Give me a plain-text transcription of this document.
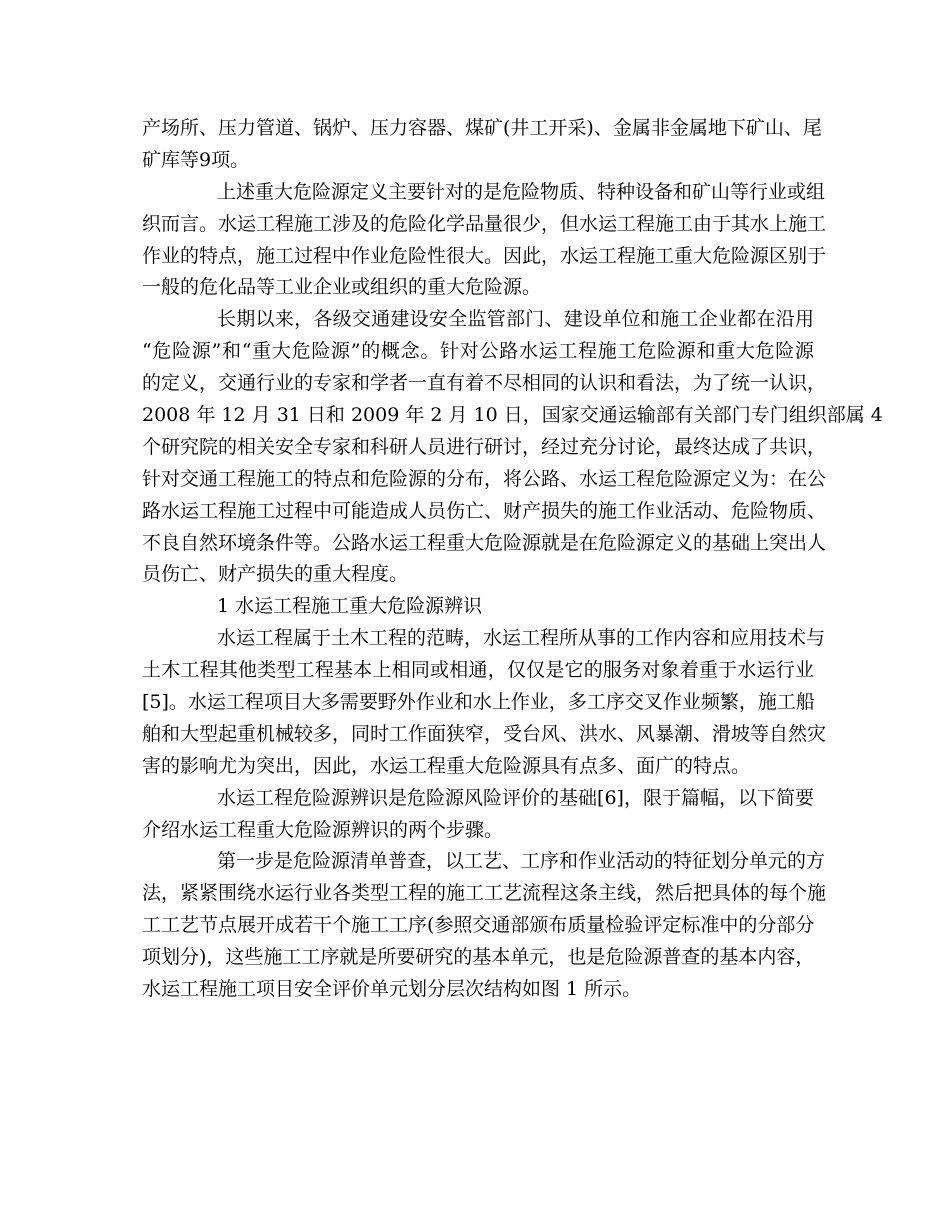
产场所、压力管道、锅炉、压力容器、煤矿(井工开采)、金属非金属地下矿山、尾
矿库等9项。
上述重大危险源定义主要针对的是危险物质、特种设备和矿山等行业或组
织而言。水运工程施工涉及的危险化学品量很少，但水运工程施工由于其水上施工
作业的特点，施工过程中作业危险性很大。因此，水运工程施工重大危险源区别于
一般的危化品等工业企业或组织的重大危险源。
长期以来，各级交通建设安全监管部门、建设单位和施工企业都在沿用
“危险源”和“重大危险源”的概念。针对公路水运工程施工危险源和重大危险源
的定义，交通行业的专家和学者一直有着不尽相同的认识和看法，为了统一认识，
2008 年 12 月 31 日和 2009 年 2 月 10 日，国家交通运输部有关部门专门组织部属 4
个研究院的相关安全专家和科研人员进行研讨，经过充分讨论，最终达成了共识，
针对交通工程施工的特点和危险源的分布，将公路、水运工程危险源定义为：在公
路水运工程施工过程中可能造成人员伤亡、财产损失的施工作业活动、危险物质、
不良自然环境条件等。公路水运工程重大危险源就是在危险源定义的基础上突出人
员伤亡、财产损失的重大程度。
1 水运工程施工重大危险源辨识
水运工程属于土木工程的范畴，水运工程所从事的工作内容和应用技术与
土木工程其他类型工程基本上相同或相通，仅仅是它的服务对象着重于水运行业
[5]。水运工程项目大多需要野外作业和水上作业，多工序交叉作业频繁，施工船
舶和大型起重机械较多，同时工作面狭窄，受台风、洪水、风暴潮、滑坡等自然灾
害的影响尤为突出，因此，水运工程重大危险源具有点多、面广的特点。
水运工程危险源辨识是危险源风险评价的基础[6]，限于篇幅，以下简要
介绍水运工程重大危险源辨识的两个步骤。
第一步是危险源清单普查，以工艺、工序和作业活动的特征划分单元的方
法，紧紧围绕水运行业各类型工程的施工工艺流程这条主线，然后把具体的每个施
工工艺节点展开成若干个施工工序(参照交通部颁布质量检验评定标准中的分部分
项划分)，这些施工工序就是所要研究的基本单元，也是危险源普查的基本内容，
水运工程施工项目安全评价单元划分层次结构如图 1 所示。
